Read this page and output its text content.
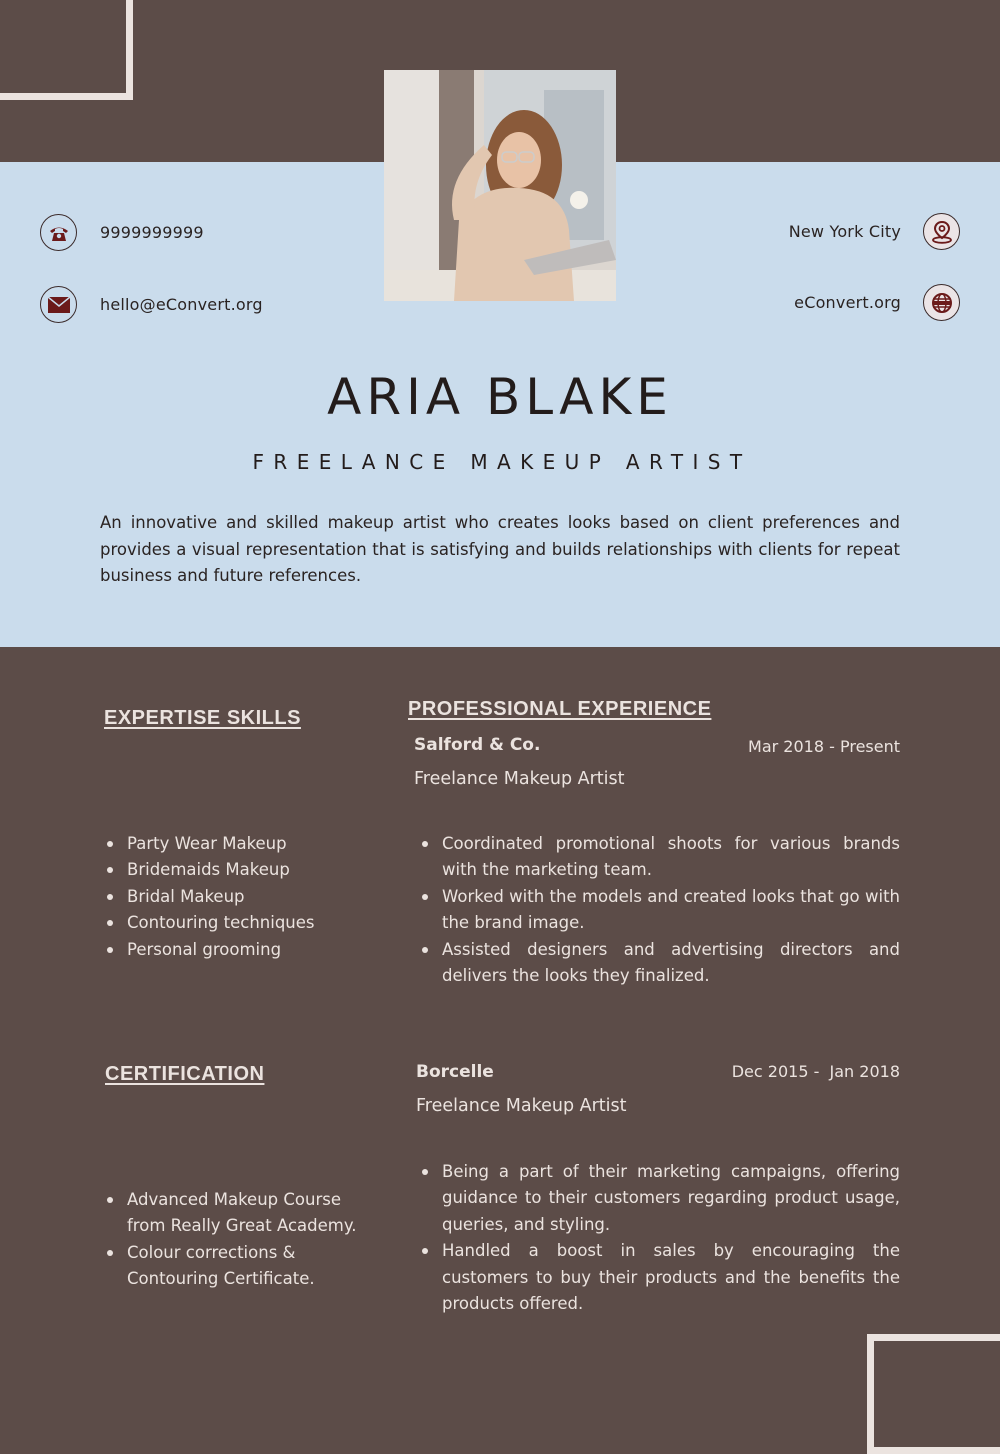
9999999999
hello@eConvert.org
New York City
eConvert.org
ARIA BLAKE
FREELANCE MAKEUP ARTIST

An innovative and skilled makeup artist who creates looks based on client preferences and provides a visual representation that is satisfying and builds relationships with clients for repeat business and future references.

EXPERTISE SKILLS
Party Wear Makeup
Bridemaids Makeup
Bridal Makeup
Contouring techniques
Personal grooming
CERTIFICATION
Advanced Makeup Course from Really Great Academy.
Colour corrections & Contouring Certificate.
PROFESSIONAL EXPERIENCE
Salford & Co.	Mar 2018 - Present
Freelance Makeup Artist
Coordinated promotional shoots for various brands with the marketing team.
Worked with the models and created looks that go with the brand image.
Assisted designers and advertising directors and delivers the looks they finalized.
Borcelle	Dec 2015 -  Jan 2018
Freelance Makeup Artist
Being a part of their marketing campaigns, offering guidance to their customers regarding product usage, queries, and styling.
Handled a boost in sales by encouraging the customers to buy their products and the benefits the products offered.
